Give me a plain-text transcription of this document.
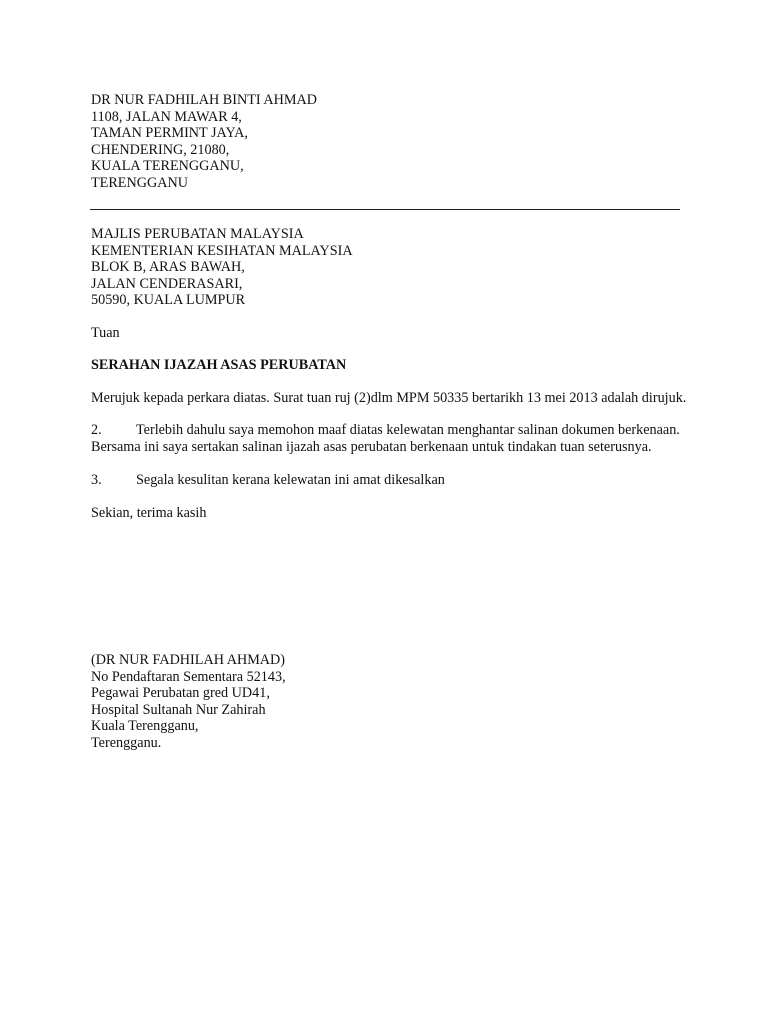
DR NUR FADHILAH BINTI AHMAD
1108, JALAN MAWAR 4,
TAMAN PERMINT JAYA,
CHENDERING, 21080,
KUALA TERENGGANU,
TERENGGANU
MAJLIS PERUBATAN MALAYSIA
KEMENTERIAN KESIHATAN MALAYSIA
BLOK B, ARAS BAWAH,
JALAN CENDERASARI,
50590, KUALA LUMPUR
Tuan
SERAHAN IJAZAH ASAS PERUBATAN
Merujuk kepada perkara diatas. Surat tuan ruj (2)dlm MPM 50335 bertarikh 13 mei 2013 adalah dirujuk.
2. Terlebih dahulu saya memohon maaf diatas kelewatan menghantar salinan dokumen berkenaan.
Bersama ini saya sertakan salinan ijazah asas perubatan berkenaan untuk tindakan tuan seterusnya.
3. Segala kesulitan kerana kelewatan ini amat dikesalkan
Sekian, terima kasih
(DR NUR FADHILAH AHMAD)
No Pendaftaran Sementara 52143,
Pegawai Perubatan gred UD41,
Hospital Sultanah Nur Zahirah
Kuala Terengganu,
Terengganu.
